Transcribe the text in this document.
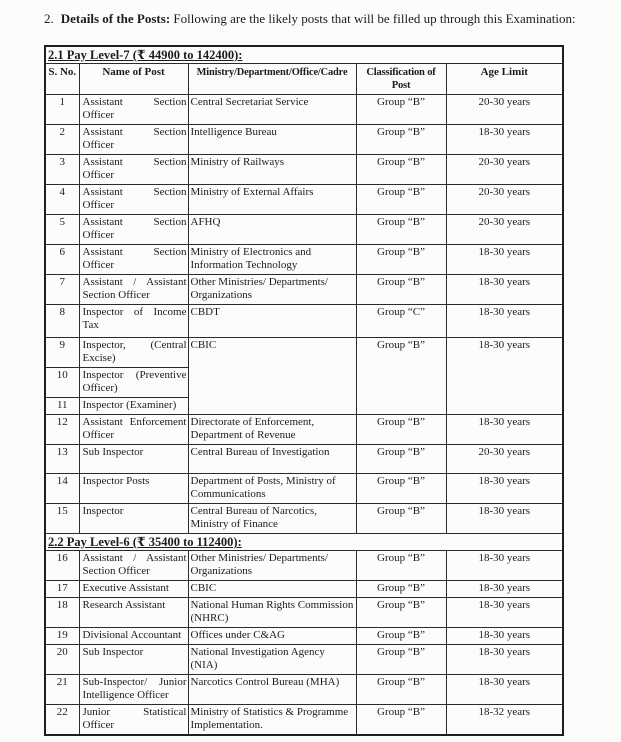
2. Details of the Posts: Following are the likely posts that will be filled up through this Examination:

2.1 Pay Level-7 (₹ 44900 to 142400):				
S. No.	Name of Post	Ministry/Department/Office/Cadre	Classification of Post	Age Limit
1	Assistant Section Officer	Central Secretariat Service	Group “B”	20-30 years
2	Assistant Section Officer	Intelligence Bureau	Group “B”	18-30 years
3	Assistant Section Officer	Ministry of Railways	Group “B”	20-30 years
4	Assistant Section Officer	Ministry of External Affairs	Group “B”	20-30 years
5	Assistant Section Officer	AFHQ	Group “B”	20-30 years
6	Assistant Section Officer	Ministry of Electronics and Information Technology	Group “B”	18-30 years
7	Assistant / Assistant Section Officer	Other Ministries/ Departments/ Organizations	Group “B”	18-30 years
8	Inspector of Income Tax	CBDT	Group “C”	18-30 years
9	Inspector, (Central Excise)	CBIC	Group “B”	18-30 years
10	Inspector (Preventive Officer)			
11	Inspector (Examiner)			
12	Assistant Enforcement Officer	Directorate of Enforcement, Department of Revenue	Group “B”	18-30 years
13	Sub Inspector	Central Bureau of Investigation	Group “B”	20-30 years
14	Inspector Posts	Department of Posts, Ministry of Communications	Group “B”	18-30 years
15	Inspector	Central Bureau of Narcotics, Ministry of Finance	Group “B”	18-30 years
2.2 Pay Level-6 (₹ 35400 to 112400):				
16	Assistant / Assistant Section Officer	Other Ministries/ Departments/ Organizations	Group “B”	18-30 years
17	Executive Assistant	CBIC	Group “B”	18-30 years
18	Research Assistant	National Human Rights Commission (NHRC)	Group “B”	18-30 years
19	Divisional Accountant	Offices under C&AG	Group “B”	18-30 years
20	Sub Inspector	National Investigation Agency (NIA)	Group “B”	18-30 years
21	Sub-Inspector/ Junior Intelligence Officer	Narcotics Control Bureau (MHA)	Group “B”	18-30 years
22	Junior Statistical Officer	Ministry of Statistics & Programme Implementation.	Group “B”	18-32 years
